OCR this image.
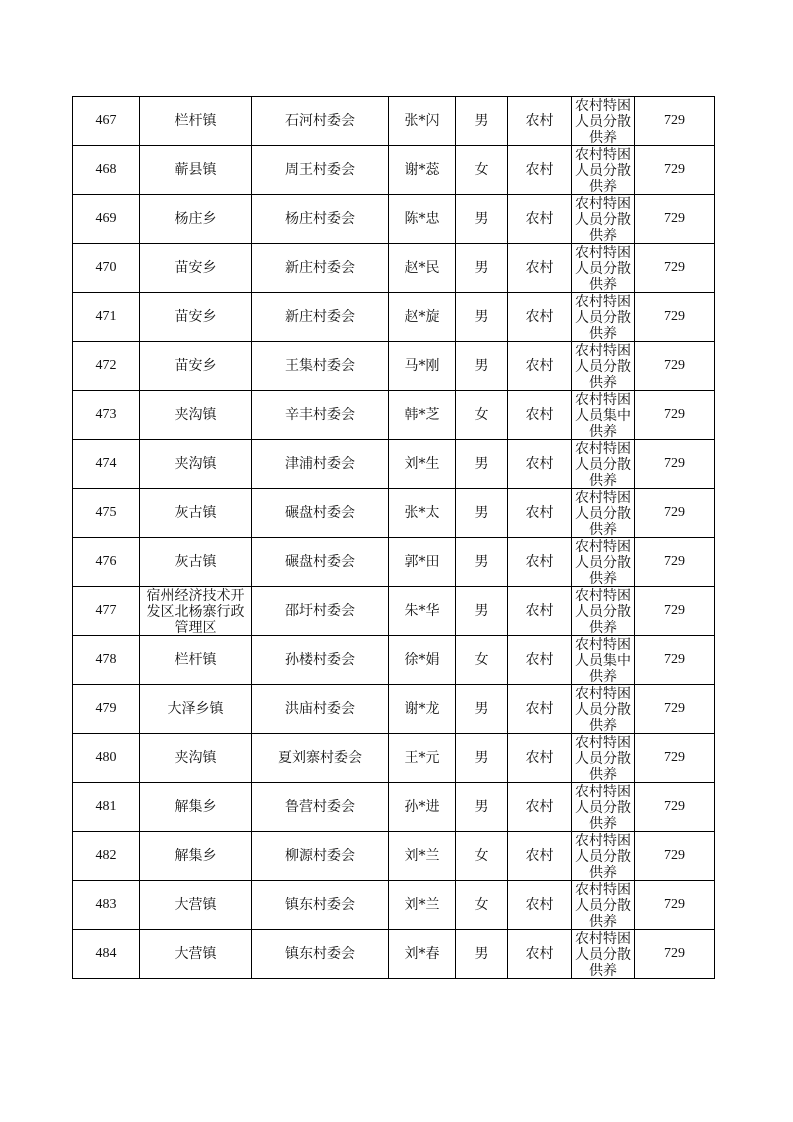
467	栏杆镇	石河村委会	张*闪	男	农村	农村特困人员分散供养	729
468	蕲县镇	周王村委会	谢*蕊	女	农村	农村特困人员分散供养	729
469	杨庄乡	杨庄村委会	陈*忠	男	农村	农村特困人员分散供养	729
470	苗安乡	新庄村委会	赵*民	男	农村	农村特困人员分散供养	729
471	苗安乡	新庄村委会	赵*旋	男	农村	农村特困人员分散供养	729
472	苗安乡	王集村委会	马*刚	男	农村	农村特困人员分散供养	729
473	夹沟镇	辛丰村委会	韩*芝	女	农村	农村特困人员集中供养	729
474	夹沟镇	津浦村委会	刘*生	男	农村	农村特困人员分散供养	729
475	灰古镇	碾盘村委会	张*太	男	农村	农村特困人员分散供养	729
476	灰古镇	碾盘村委会	郭*田	男	农村	农村特困人员分散供养	729
477	宿州经济技术开发区北杨寨行政管理区	邵圩村委会	朱*华	男	农村	农村特困人员分散供养	729
478	栏杆镇	孙楼村委会	徐*娟	女	农村	农村特困人员集中供养	729
479	大泽乡镇	洪庙村委会	谢*龙	男	农村	农村特困人员分散供养	729
480	夹沟镇	夏刘寨村委会	王*元	男	农村	农村特困人员分散供养	729
481	解集乡	鲁营村委会	孙*进	男	农村	农村特困人员分散供养	729
482	解集乡	柳源村委会	刘*兰	女	农村	农村特困人员分散供养	729
483	大营镇	镇东村委会	刘*兰	女	农村	农村特困人员分散供养	729
484	大营镇	镇东村委会	刘*春	男	农村	农村特困人员分散供养	729
